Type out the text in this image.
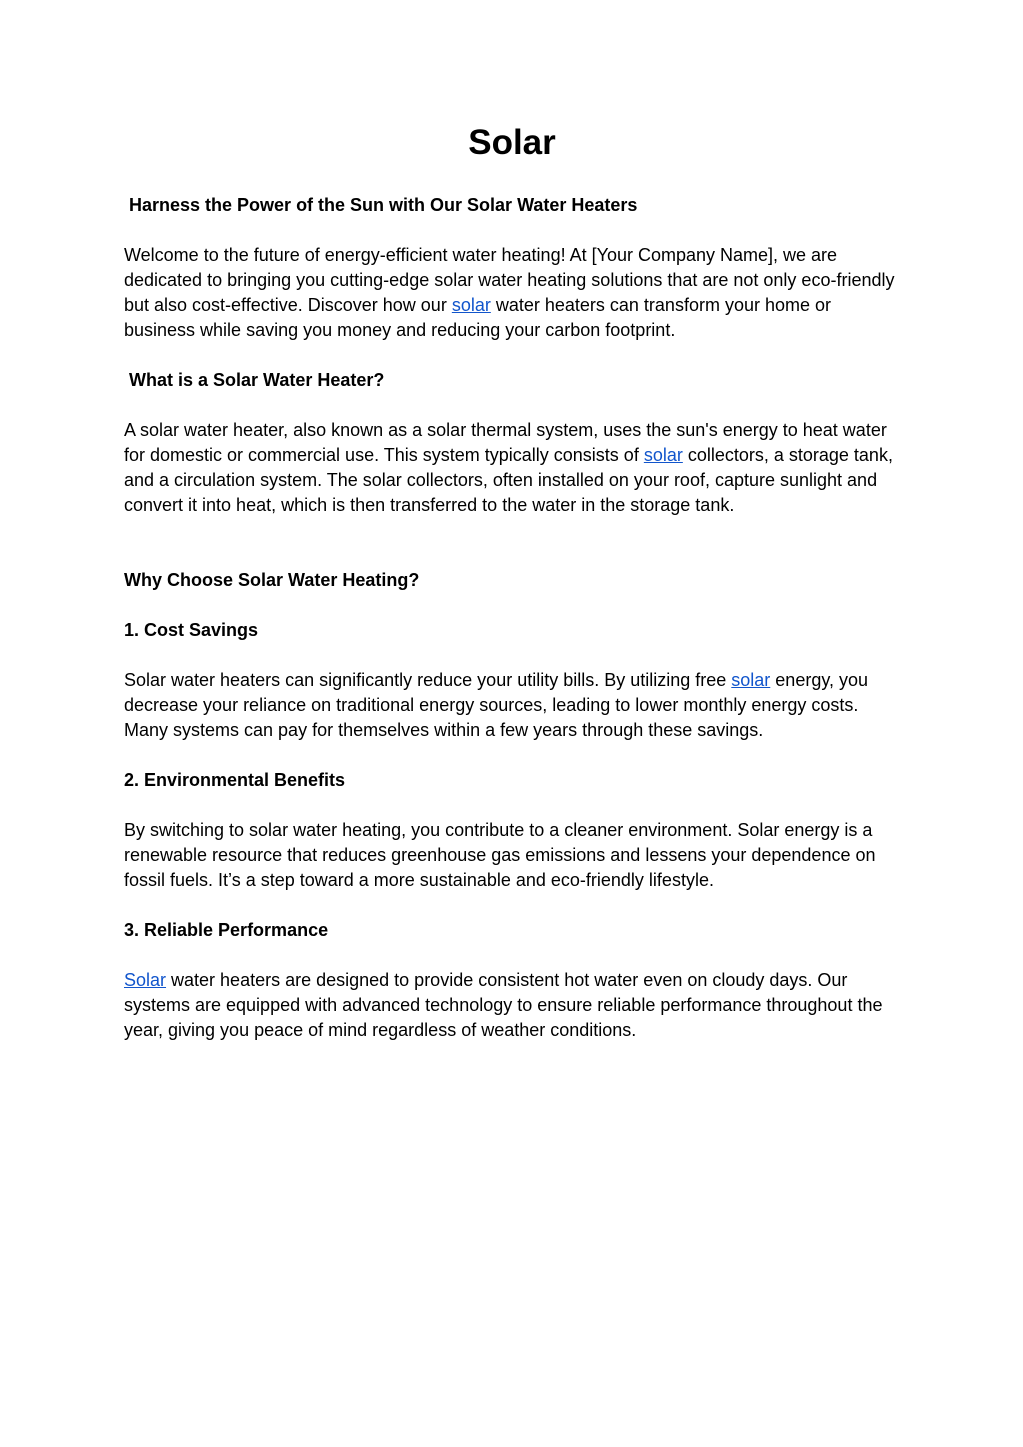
Solar

Harness the Power of the Sun with Our Solar Water Heaters

Welcome to the future of energy-efficient water heating! At [Your Company Name], we are dedicated to bringing you cutting-edge solar water heating solutions that are not only eco-friendly but also cost-effective. Discover how our solar water heaters can transform your home or business while saving you money and reducing your carbon footprint.

What is a Solar Water Heater?

A solar water heater, also known as a solar thermal system, uses the sun's energy to heat water for domestic or commercial use. This system typically consists of solar collectors, a storage tank, and a circulation system. The solar collectors, often installed on your roof, capture sunlight and convert it into heat, which is then transferred to the water in the storage tank.

Why Choose Solar Water Heating?

1. Cost Savings

Solar water heaters can significantly reduce your utility bills. By utilizing free solar energy, you decrease your reliance on traditional energy sources, leading to lower monthly energy costs. Many systems can pay for themselves within a few years through these savings.

2. Environmental Benefits

By switching to solar water heating, you contribute to a cleaner environment. Solar energy is a renewable resource that reduces greenhouse gas emissions and lessens your dependence on fossil fuels. It’s a step toward a more sustainable and eco-friendly lifestyle.

3. Reliable Performance

Solar water heaters are designed to provide consistent hot water even on cloudy days. Our systems are equipped with advanced technology to ensure reliable performance throughout the year, giving you peace of mind regardless of weather conditions.
